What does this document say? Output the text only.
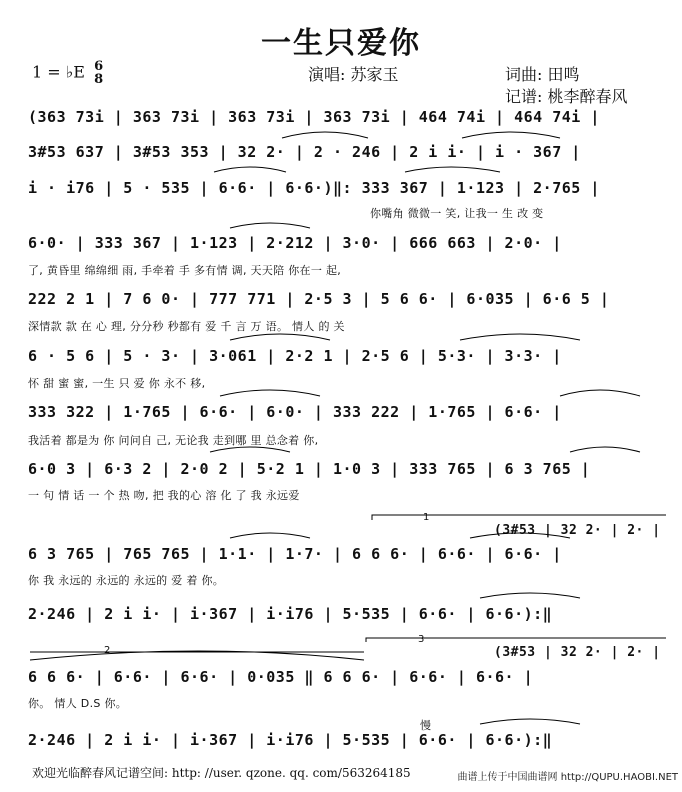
一生只爱你
1 = ♭E 6
8	演唱: 苏家玉	词曲: 田鸣
记谱: 桃李醉春风
(363 73i | 363 73i | 363 73i | 363 73i | 464 74i | 464 74i |
3#53 637 | 3#53 353 | 32 2· | 2 · 246 | 2 i i· | i · 367 |
i · i76 | 5 · 535 | 6·6· | 6·6·)‖: 333 367 | 1·123 | 2·765 |
你嘴角 微微一 笑, 让我一 生 改 变
6·0· | 333 367 | 1·123 | 2·212 | 3·0· | 666 663 | 2·0· |
了, 黄昏里 绵绵细 雨, 手牵着 手 多有情 调, 天天陪 你在一 起,
222 2 1 | 7 6 0· | 777 771 | 2·5 3 | 5 6 6· | 6·035 | 6·6 5 |
深情款 款 在 心 理, 分分秒 秒都有 爱 千 言 万 语。 情人 的 关
6 · 5 6 | 5 · 3· | 3·061 | 2·2 1 | 2·5 6 | 5·3· | 3·3· |
怀 甜 蜜 蜜, 一生 只 爱 你 永不 移,
333 322 | 1·765 | 6·6· | 6·0· | 333 222 | 1·765 | 6·6· |
我活着 都是为 你 问问自 己, 无论我 走到哪 里 总念着 你,
6·0 3 | 6·3 2 | 2·0 2 | 5·2 1 | 1·0 3 | 333 765 | 6 3 765 |
一 句 情 话 一 个 热 吻, 把 我的心 溶 化 了 我 永远爱
1
(3#53 | 32 2· | 2· |
6 3 765 | 765 765 | 1·1· | 1·7· | 6 6 6· | 6·6· | 6·6· |
你 我 永远的 永远的 永远的 爱 着 你。
2·246 | 2 i i· | i·367 | i·i76 | 5·535 | 6·6· | 6·6·):‖
2
3
(3#53 | 32 2· | 2· |
6 6 6· | 6·6· | 6·6· | 0·035 ‖ 6 6 6· | 6·6· | 6·6· |
你。 情人 D.S 你。
慢
2·246 | 2 i i· | i·367 | i·i76 | 5·535 | 6·6· | 6·6·):‖
欢迎光临醉春风记谱空间: http: //user. qzone. qq. com/563264185	曲谱上传于中国曲谱网 http://QUPU.HAOBI.NET
